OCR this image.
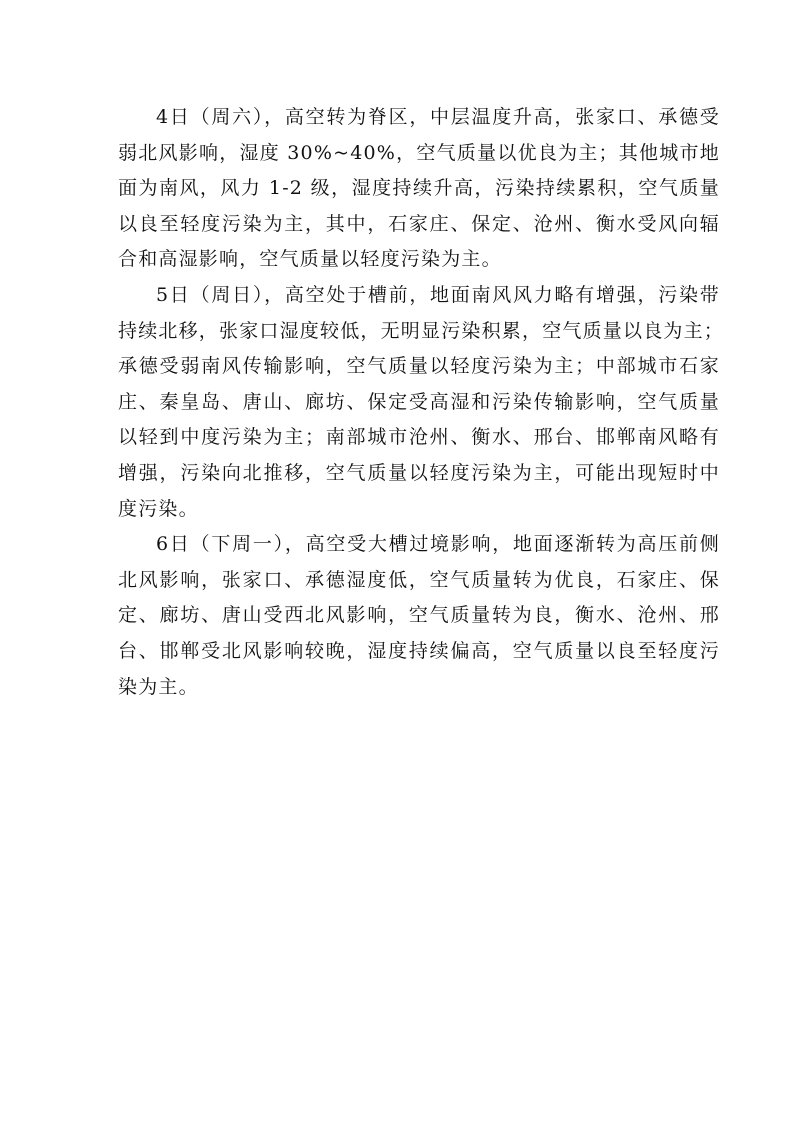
4日（周六），高空转为脊区，中层温度升高，张家口、承德受
弱北风影响，湿度 30%~40%，空气质量以优良为主；其他城市地
面为南风，风力 1-2 级，湿度持续升高，污染持续累积，空气质量
以良至轻度污染为主，其中，石家庄、保定、沧州、衡水受风向辐
合和高湿影响，空气质量以轻度污染为主。
5日（周日），高空处于槽前，地面南风风力略有增强，污染带
持续北移，张家口湿度较低，无明显污染积累，空气质量以良为主；
承德受弱南风传输影响，空气质量以轻度污染为主；中部城市石家
庄、秦皇岛、唐山、廊坊、保定受高湿和污染传输影响，空气质量
以轻到中度污染为主；南部城市沧州、衡水、邢台、邯郸南风略有
增强，污染向北推移，空气质量以轻度污染为主，可能出现短时中
度污染。
6日（下周一），高空受大槽过境影响，地面逐渐转为高压前侧
北风影响，张家口、承德湿度低，空气质量转为优良，石家庄、保
定、廊坊、唐山受西北风影响，空气质量转为良，衡水、沧州、邢
台、邯郸受北风影响较晚，湿度持续偏高，空气质量以良至轻度污
染为主。
